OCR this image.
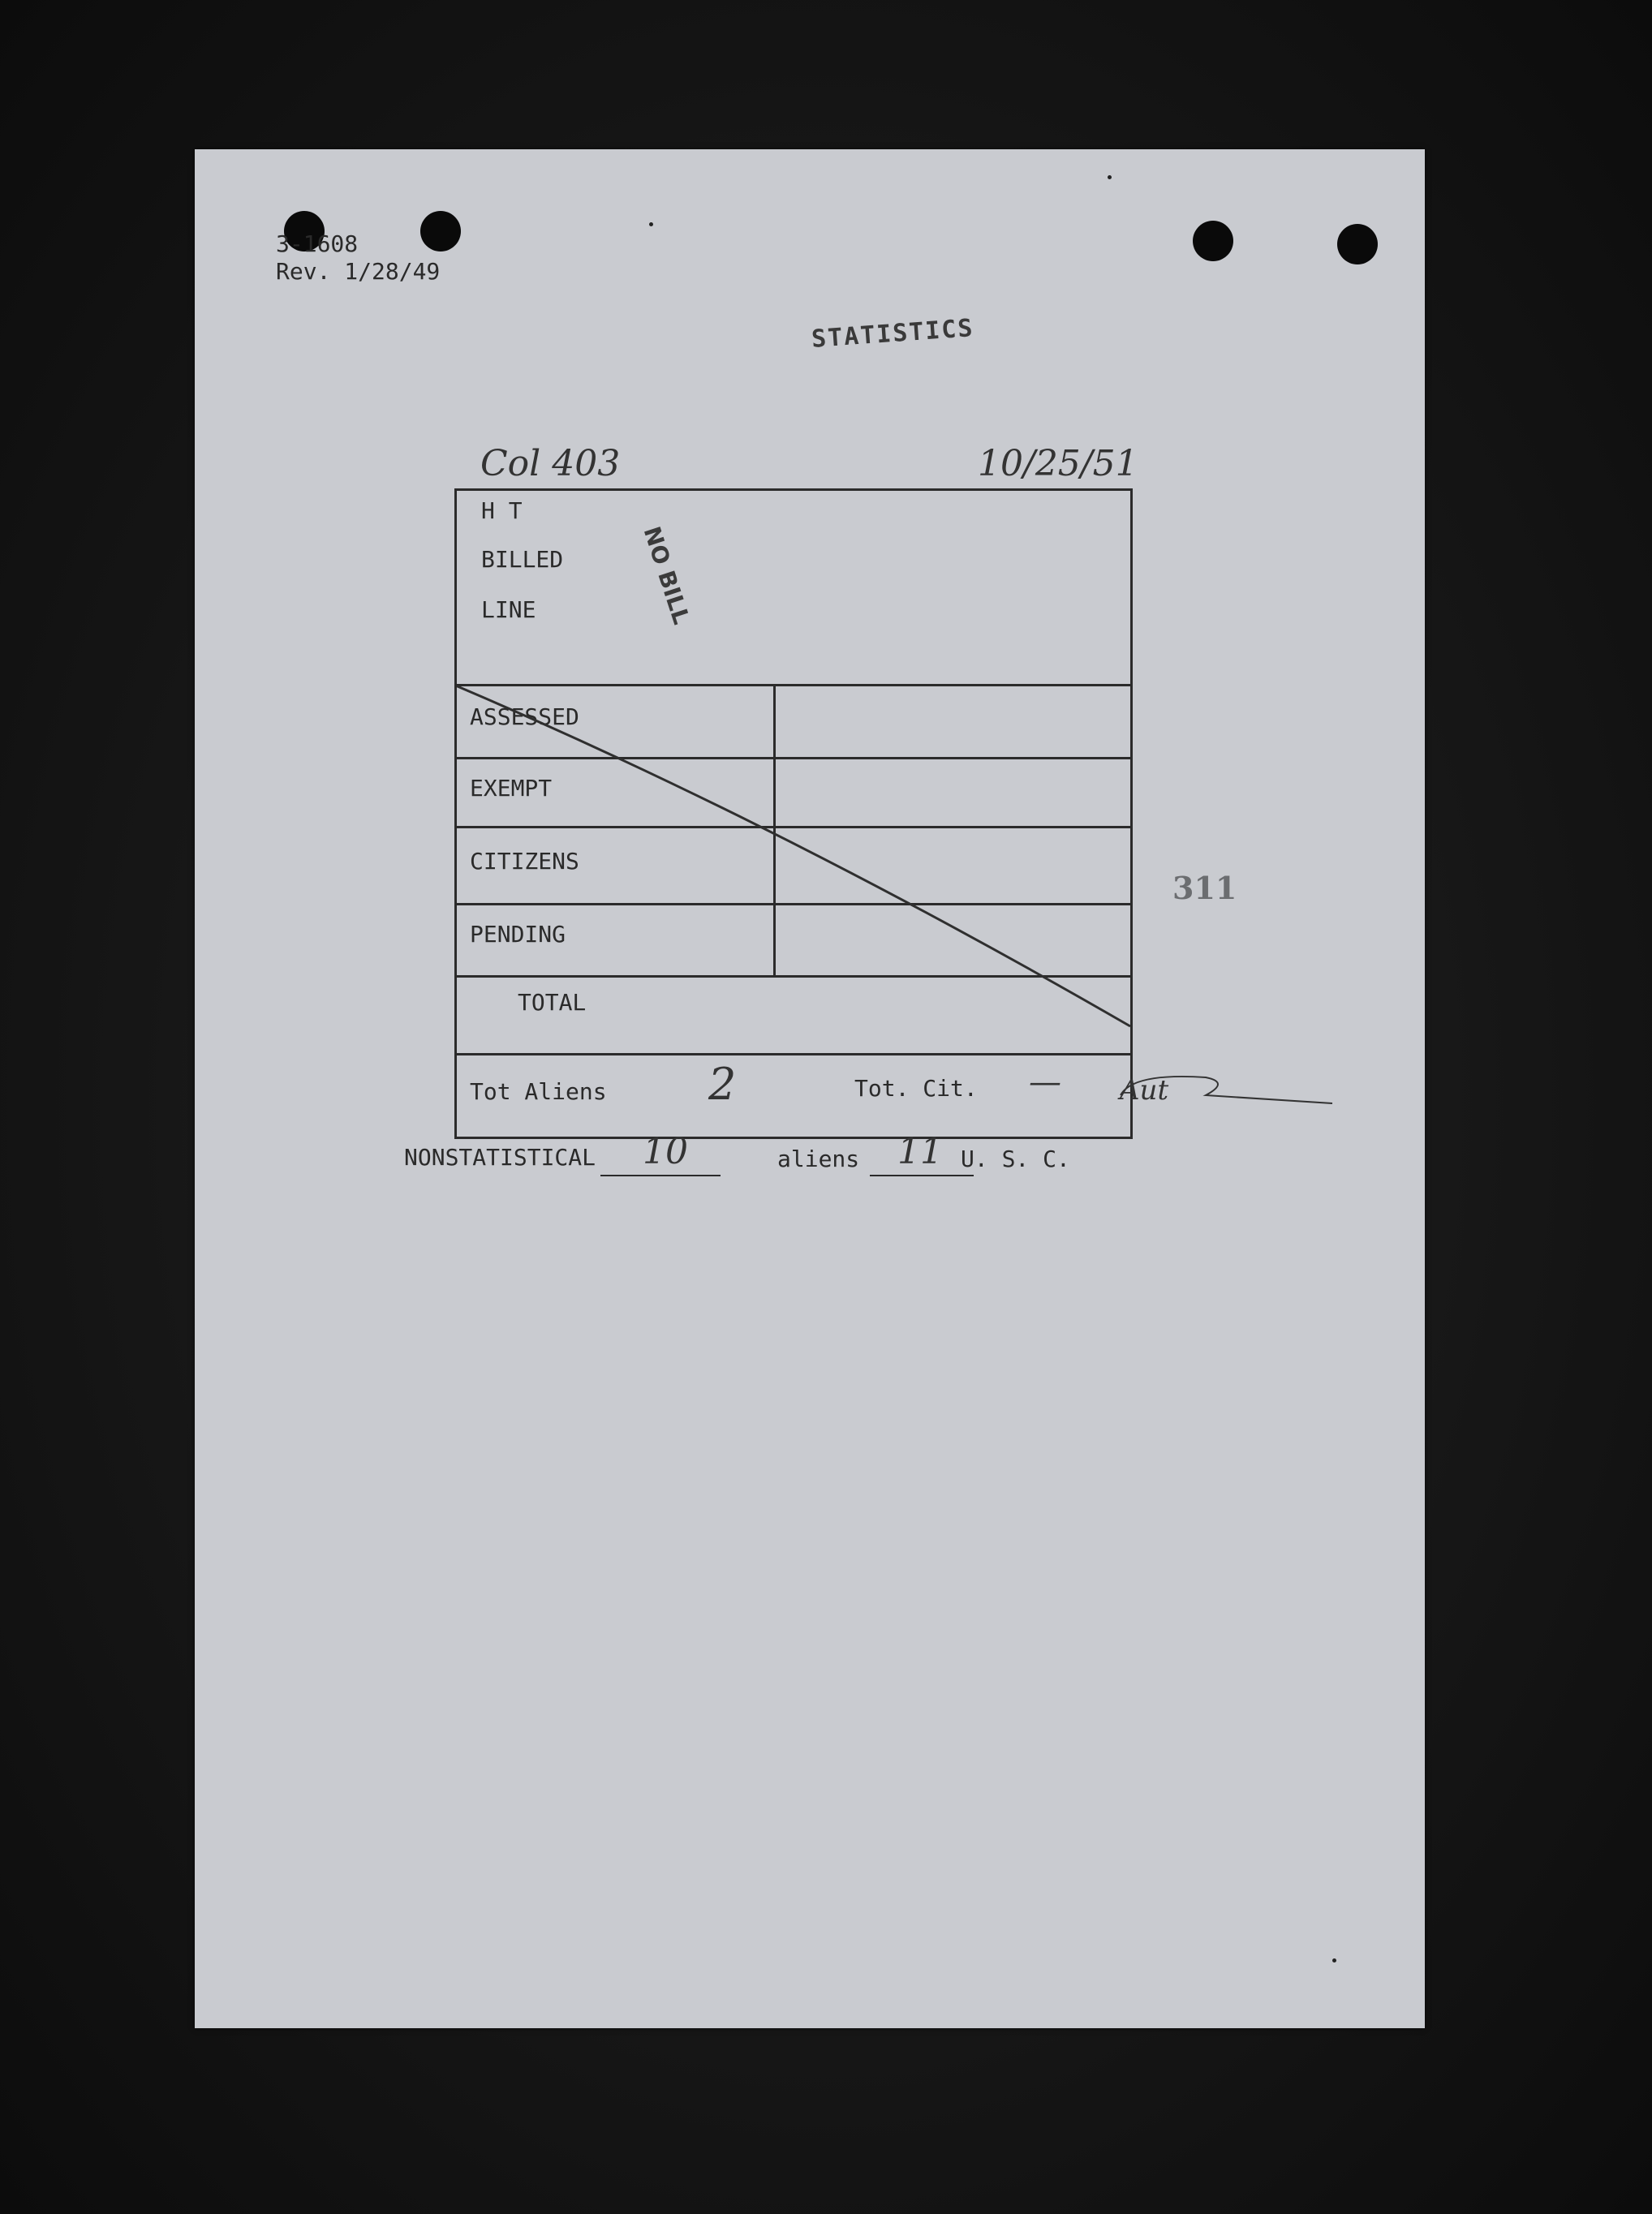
3-1608
Rev. 1/28/49
STATISTICS
Col 403	10/25/51
H T
BILLED
LINE	NO BILL
ASSESSED
EXEMPT
CITIZENS
PENDING
TOTAL
Tot Aliens 2	Tot. Cit. — Aut
311
NONSTATISTICAL 10	aliens 11 U. S. C.
